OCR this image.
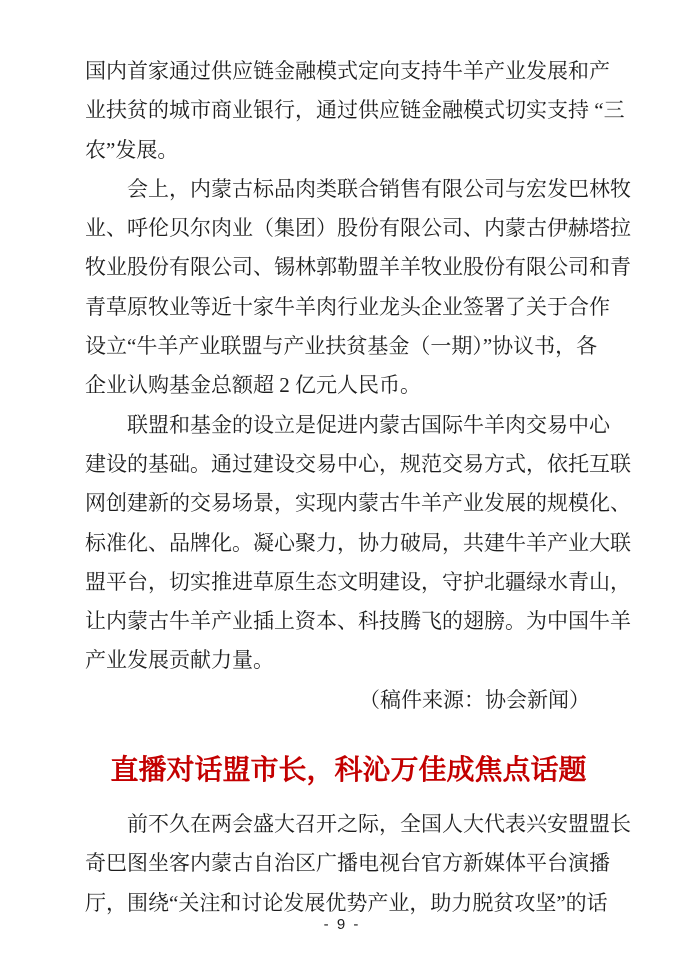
国内首家通过供应链金融模式定向支持牛羊产业发展和产
业扶贫的城市商业银行，通过供应链金融模式切实支持 “三
农”发展。
会上，内蒙古标品肉类联合销售有限公司与宏发巴林牧
业、呼伦贝尔肉业（集团）股份有限公司、内蒙古伊赫塔拉
牧业股份有限公司、锡林郭勒盟羊羊牧业股份有限公司和青
青草原牧业等近十家牛羊肉行业龙头企业签署了关于合作
设立“牛羊产业联盟与产业扶贫基金（一期）”协议书，各
企业认购基金总额超 2 亿元人民币。
联盟和基金的设立是促进内蒙古国际牛羊肉交易中心
建设的基础。通过建设交易中心，规范交易方式，依托互联
网创建新的交易场景，实现内蒙古牛羊产业发展的规模化、
标准化、品牌化。凝心聚力，协力破局，共建牛羊产业大联
盟平台，切实推进草原生态文明建设，守护北疆绿水青山，
让内蒙古牛羊产业插上资本、科技腾飞的翅膀。为中国牛羊
产业发展贡献力量。
（稿件来源：协会新闻）
直播对话盟市长，科沁万佳成焦点话题
前不久在两会盛大召开之际，全国人大代表兴安盟盟长
奇巴图坐客内蒙古自治区广播电视台官方新媒体平台演播
厅，围绕“关注和讨论发展优势产业，助力脱贫攻坚”的话
- 9 -
